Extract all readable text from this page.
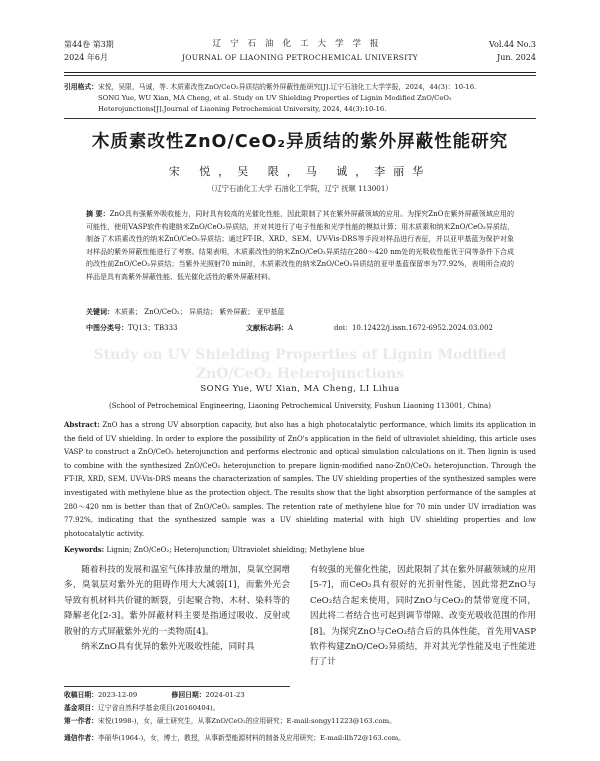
第44卷 第3期
2024 年6月
辽宁石油化工大学学报
JOURNAL OF LIAONING PETROCHEMICAL UNIVERSITY
Vol.44 No.3
Jun. 2024
引用格式：宋悦，吴限，马诚，等. 木质素改性ZnO/CeO₂异质结的紫外屏蔽性能研究[J].辽宁石油化工大学学报，2024，44(3)：10-16.
SONG Yue, WU Xian, MA Cheng, et al. Study on UV Shielding Properties of Lignin Modified ZnO/CeO₂ Heterojunctions[J].Journal of Liaoning Petrochemical University, 2024, 44(3):10-16.
木质素改性ZnO/CeO₂异质结的紫外屏蔽性能研究
宋 悦，吴 限，马 诚，李丽华
（辽宁石油化工大学 石油化工学院，辽宁 抚顺 113001）
摘 要：ZnO具有强紫外吸收能力，同时具有较高的光催化性能，因此限制了其在紫外屏蔽领域的应用。为探究ZnO在紫外屏蔽领域应用的可能性，使用VASP软件构建纳米ZnO/CeO₂异质结，并对其进行了电子性能和光学性能的模拟计算；用木质素和纳米ZnO/CeO₂异质结，制备了木质素改性的纳米ZnO/CeO₂异质结；通过FT-IR、XRD、SEM、UV-Vis-DRS等手段对样品进行表征，并以亚甲基蓝为保护对象对样品的紫外屏蔽性能进行了考察。结果表明，木质素改性的纳米ZnO/CeO₂异质结在280～420 nm处的光吸收性能优于同等条件下合成的改性前ZnO/CeO₂异质结；当紫外光照射70 min时，木质素改性的纳米ZnO/CeO₂异质结的亚甲基蓝保留率为77.92%，表明所合成的样品是具有高紫外屏蔽性能、低光催化活性的紫外屏蔽材料。
关键词：木质素； ZnO/CeO₂； 异质结； 紫外屏蔽； 亚甲基蓝
中图分类号：TQ13；TB333	文献标志码：A	doi：10.12422/j.issn.1672-6952.2024.03.002
Study on UV Shielding Properties of Lignin Modified ZnO/CeO₂ Heterojunctions
SONG Yue, WU Xian, MA Cheng, LI Lihua
(School of Petrochemical Engineering, Liaoning Petrochemical University, Fushun Liaoning 113001, China)
Abstract: ZnO has a strong UV absorption capacity, but also has a high photocatalytic performance, which limits its application in the field of UV shielding. In order to explore the possibility of ZnO's application in the field of ultraviolet shielding, this article uses VASP to construct a ZnO/CeO₂ heterojunction and performs electronic and optical simulation calculations on it. Then lignin is used to combine with the synthesized ZnO/CeO₂ heterojunction to prepare lignin-modified nano-ZnO/CeO₂ heterojunction. Through the FT-IR, XRD, SEM, UV-Vis-DRS means the characterization of samples. The UV shielding properties of the synthesized samples were investigated with methylene blue as the protection object. The results show that the light absorption performance of the samples at 280～420 nm is better than that of ZnO/CeO₂ samples. The retention rate of methylene blue for 70 min under UV irradiation was 77.92%, indicating that the synthesized sample was a UV shielding material with high UV shielding properties and low photocatalytic activity.
Keywords: Lignin; ZnO/CeO₂; Heterojunction; Ultraviolet shielding; Methylene blue

随着科技的发展和温室气体排放量的增加，臭氧空洞增多，臭氧层对紫外光的阻碍作用大大减弱[1]，而紫外光会导致有机材料共价键的断裂，引起聚合物、木材、染料等的降解老化[2-3]。紫外屏蔽材料主要是指通过吸收、反射或散射的方式屏蔽紫外光的一类物质[4]。

纳米ZnO具有优异的紫外光吸收性能，同时具

有较强的光催化性能，因此限制了其在紫外屏蔽领域的应用[5-7]，而CeO₂具有很好的光折射性能，因此常把ZnO与CeO₂结合起来使用，同时ZnO与CeO₂的禁带宽度不同，因此将二者结合也可起到调节带隙、改变光吸收范围的作用[8]。为探究ZnO与CeO₂结合后的具体性能，首先用VASP软件构建ZnO/CeO₂异质结，并对其光学性能及电子性能进行了计

收稿日期：2023-12-09	修回日期：2024-01-23
基金项目：辽宁省自然科学基金项目(20160404)。
第一作者：宋悦(1998-)，女，硕士研究生，从事ZnO/CeO₂的应用研究；E-mail:songy11223@163.com。
通信作者：李丽华(1964-)，女，博士，教授，从事新型能源材料的制备及应用研究；E-mail:llh72@163.com。
